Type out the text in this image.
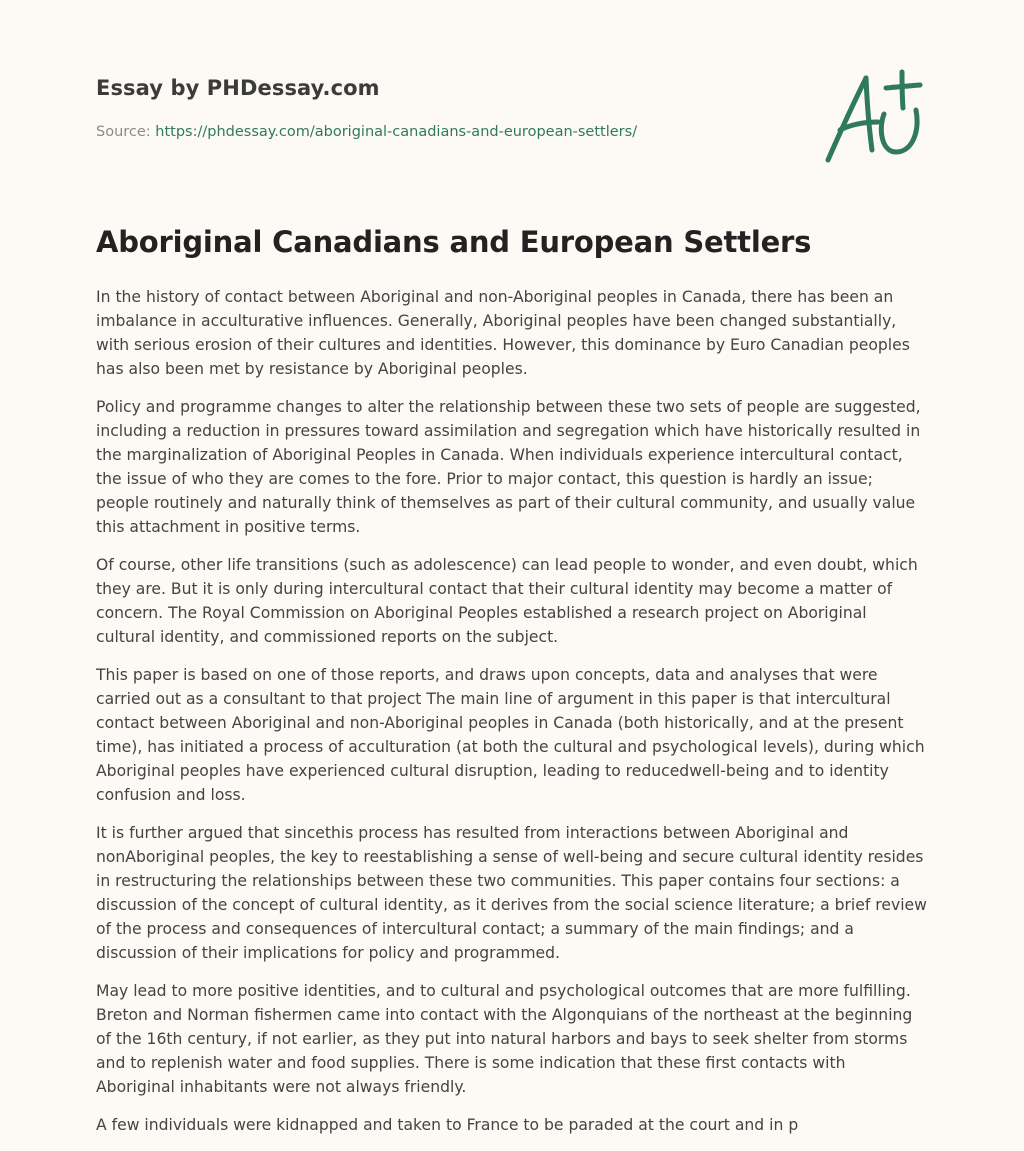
Essay by PHDessay.com
Source: https://phdessay.com/aboriginal-canadians-and-european-settlers/
Aboriginal Canadians and European Settlers

In the history of contact between Aboriginal and non-Aboriginal peoples in Canada, there has been an imbalance in acculturative influences. Generally, Aboriginal peoples have been changed substantially, with serious erosion of their cultures and identities. However, this dominance by Euro Canadian peoples has also been met by resistance by Aboriginal peoples.

Policy and programme changes to alter the relationship between these two sets of people are suggested, including a reduction in pressures toward assimilation and segregation which have historically resulted in the marginalization of Aboriginal Peoples in Canada. When individuals experience intercultural contact, the issue of who they are comes to the fore. Prior to major contact, this question is hardly an issue; people routinely and naturally think of themselves as part of their cultural community, and usually value this attachment in positive terms.

Of course, other life transitions (such as adolescence) can lead people to wonder, and even doubt, which they are. But it is only during intercultural contact that their cultural identity may become a matter of concern. The Royal Commission on Aboriginal Peoples established a research project on Aboriginal cultural identity, and commissioned reports on the subject.

This paper is based on one of those reports, and draws upon concepts, data and analyses that were carried out as a consultant to that project The main line of argument in this paper is that intercultural contact between Aboriginal and non-Aboriginal peoples in Canada (both historically, and at the present time), has initiated a process of acculturation (at both the cultural and psychological levels), during which Aboriginal peoples have experienced cultural disruption, leading to reducedwell-being and to identity confusion and loss.

It is further argued that sincethis process has resulted from interactions between Aboriginal and nonAboriginal peoples, the key to reestablishing a sense of well-being and secure cultural identity resides in restructuring the relationships between these two communities. This paper contains four sections: a discussion of the concept of cultural identity, as it derives from the social science literature; a brief review of the process and consequences of intercultural contact; a summary of the main findings; and a discussion of their implications for policy and programmed.

May lead to more positive identities, and to cultural and psychological outcomes that are more fulfilling. Breton and Norman fishermen came into contact with the Algonquians of the northeast at the beginning of the 16th century, if not earlier, as they put into natural harbors and bays to seek shelter from storms and to replenish water and food supplies. There is some indication that these first contacts with Aboriginal inhabitants were not always friendly.

A few individuals were kidnapped and taken to France to be paraded at the court and in p
